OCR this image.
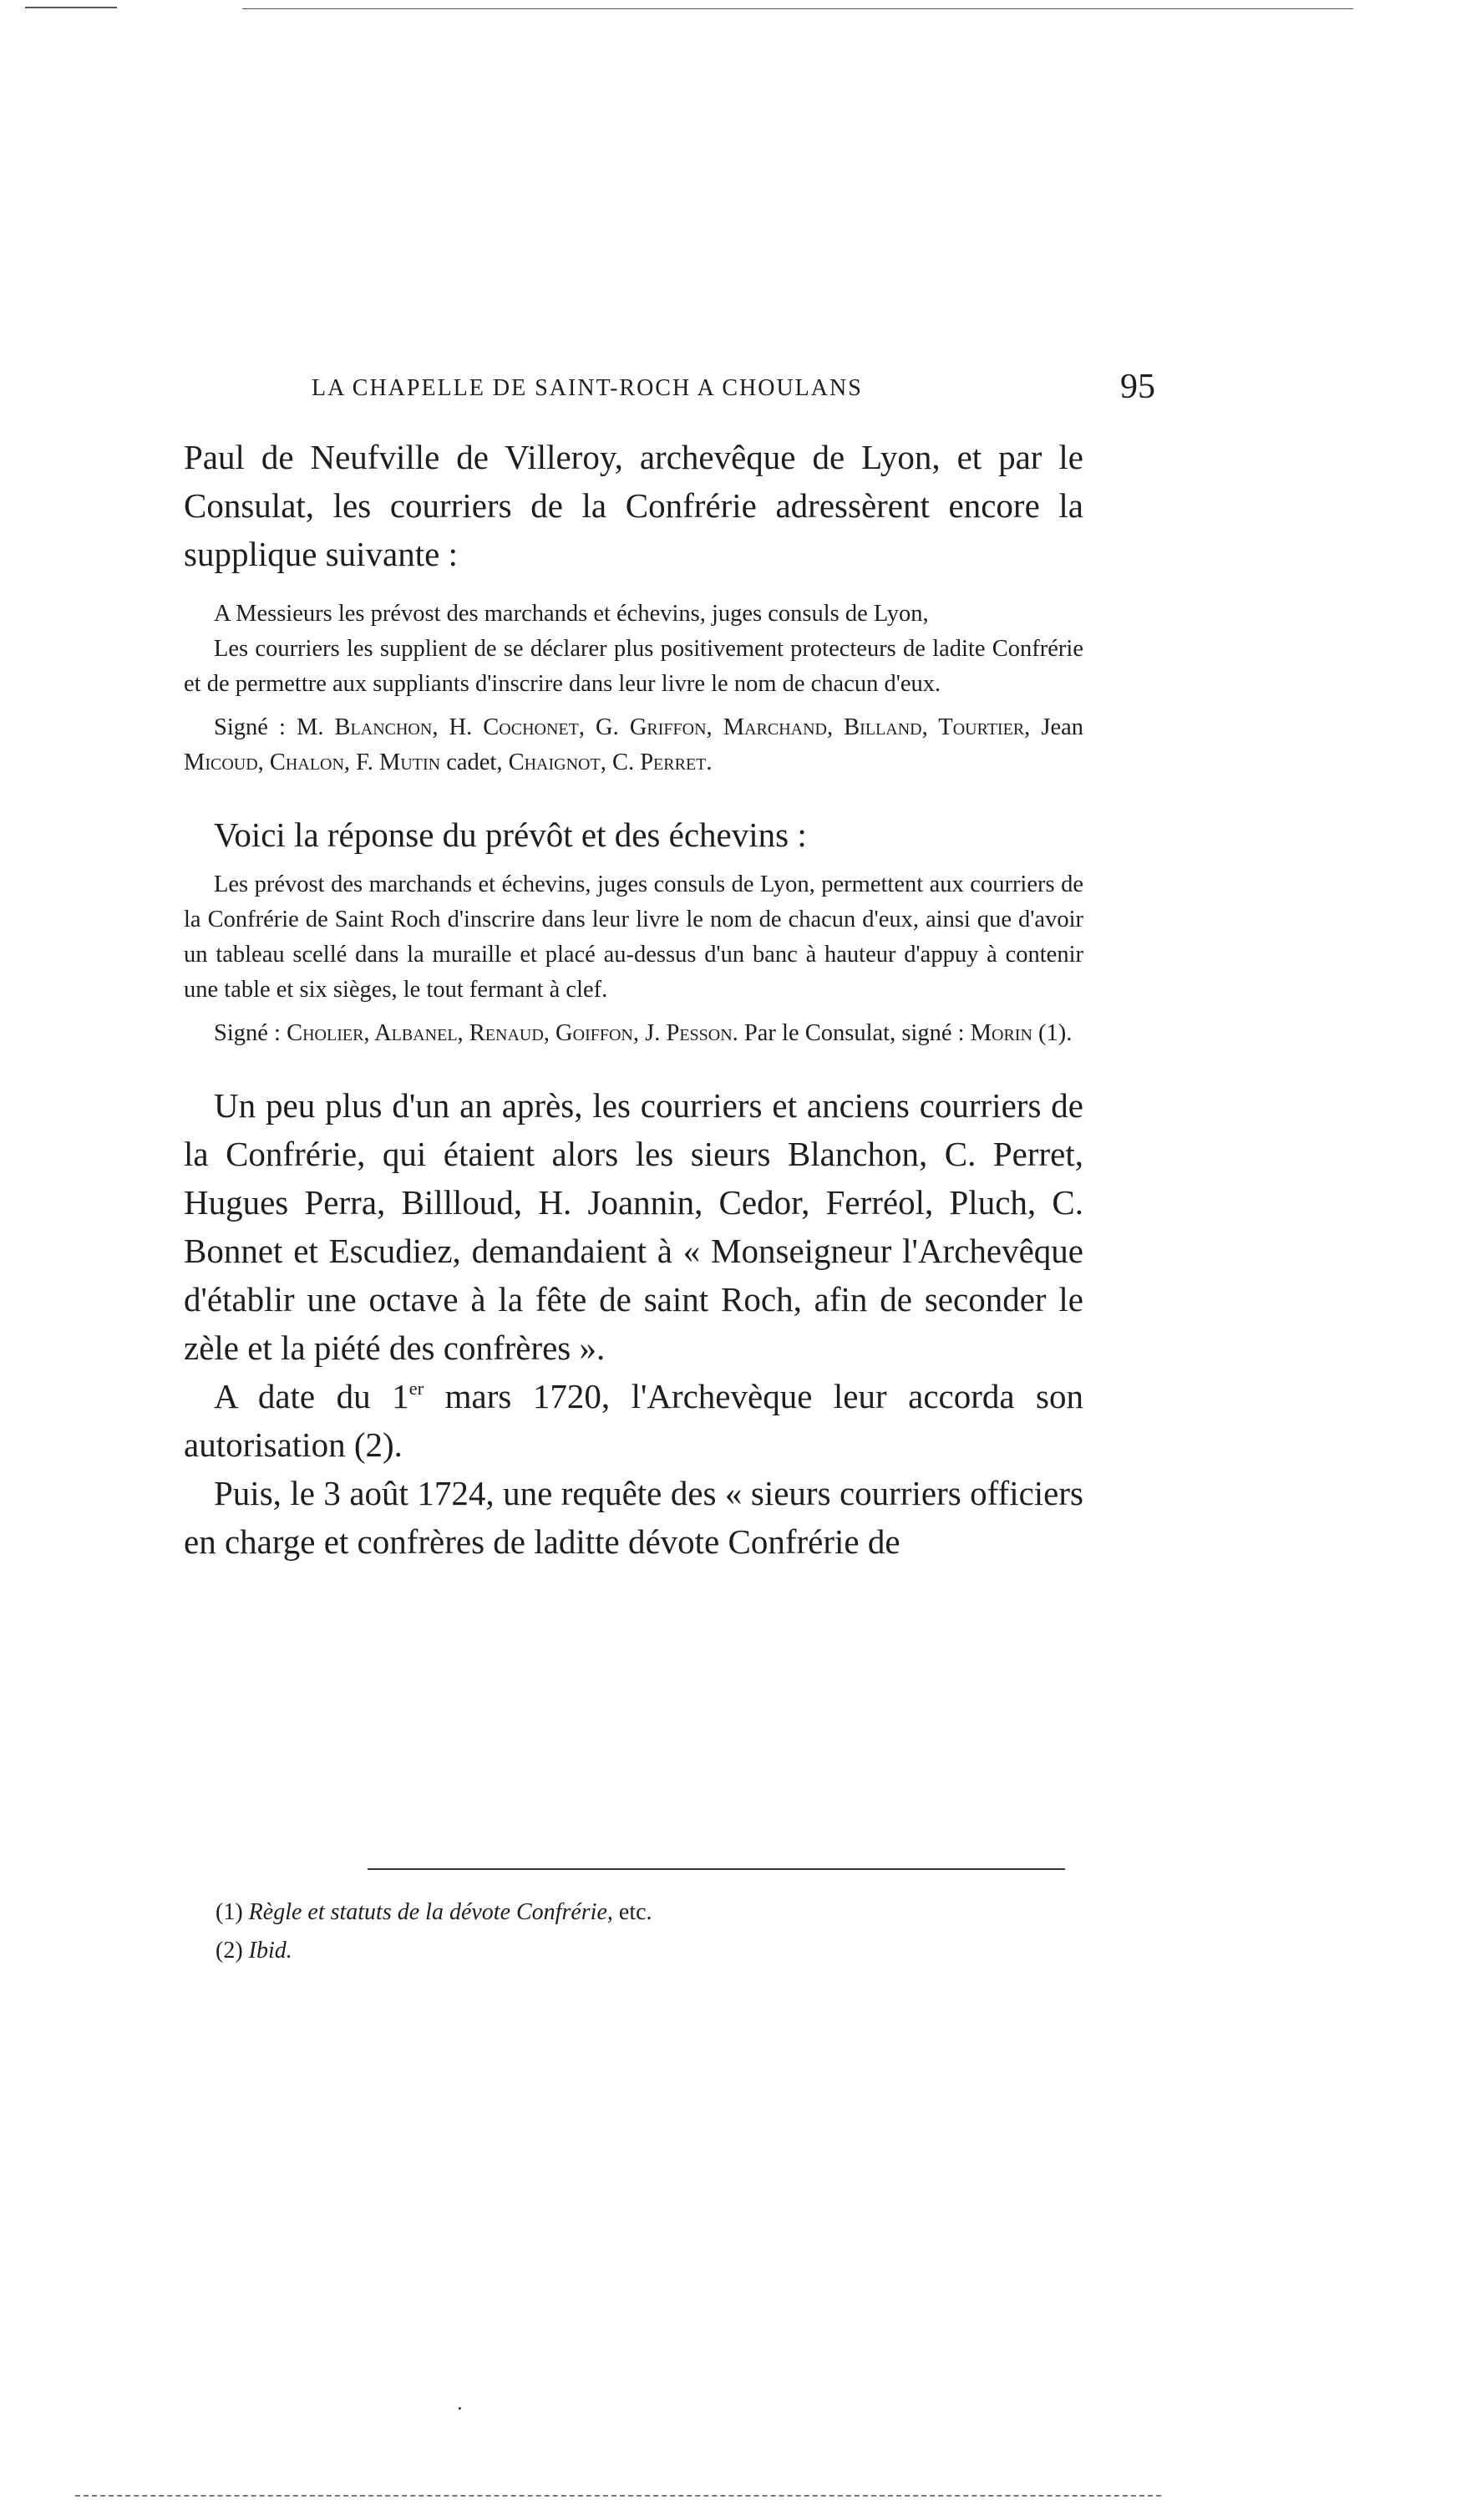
LA CHAPELLE DE SAINT-ROCH A CHOULANS	95

Paul de Neufville de Villeroy, archevêque de Lyon, et par le Consulat, les courriers de la Confrérie adressèrent encore la supplique suivante :

A Messieurs les prévost des marchands et échevins, juges consuls de Lyon,

Les courriers les supplient de se déclarer plus positivement protecteurs de ladite Confrérie et de permettre aux suppliants d'inscrire dans leur livre le nom de chacun d'eux.

Signé : M. Blanchon, H. Cochonet, G. Griffon, Marchand, Billand, Tourtier, Jean Micoud, Chalon, F. Mutin cadet, Chaignot, C. Perret.

Voici la réponse du prévôt et des échevins :

Les prévost des marchands et échevins, juges consuls de Lyon, permettent aux courriers de la Confrérie de Saint Roch d'inscrire dans leur livre le nom de chacun d'eux, ainsi que d'avoir un tableau scellé dans la muraille et placé au-dessus d'un banc à hauteur d'appuy à contenir une table et six sièges, le tout fermant à clef.

Signé : Cholier, Albanel, Renaud, Goiffon, J. Pesson. Par le Consulat, signé : Morin (1).

Un peu plus d'un an après, les courriers et anciens courriers de la Confrérie, qui étaient alors les sieurs Blanchon, C. Perret, Hugues Perra, Billloud, H. Joannin, Cedor, Ferréol, Pluch, C. Bonnet et Escudiez, demandaient à « Monseigneur l'Archevêque d'établir une octave à la fête de saint Roch, afin de seconder le zèle et la piété des confrères ».

A date du 1er mars 1720, l'Archevèque leur accorda son autorisation (2).

Puis, le 3 août 1724, une requête des « sieurs courriers officiers en charge et confrères de laditte dévote Confrérie de

(1) Règle et statuts de la dévote Confrérie, etc.
(2) Ibid.
·
